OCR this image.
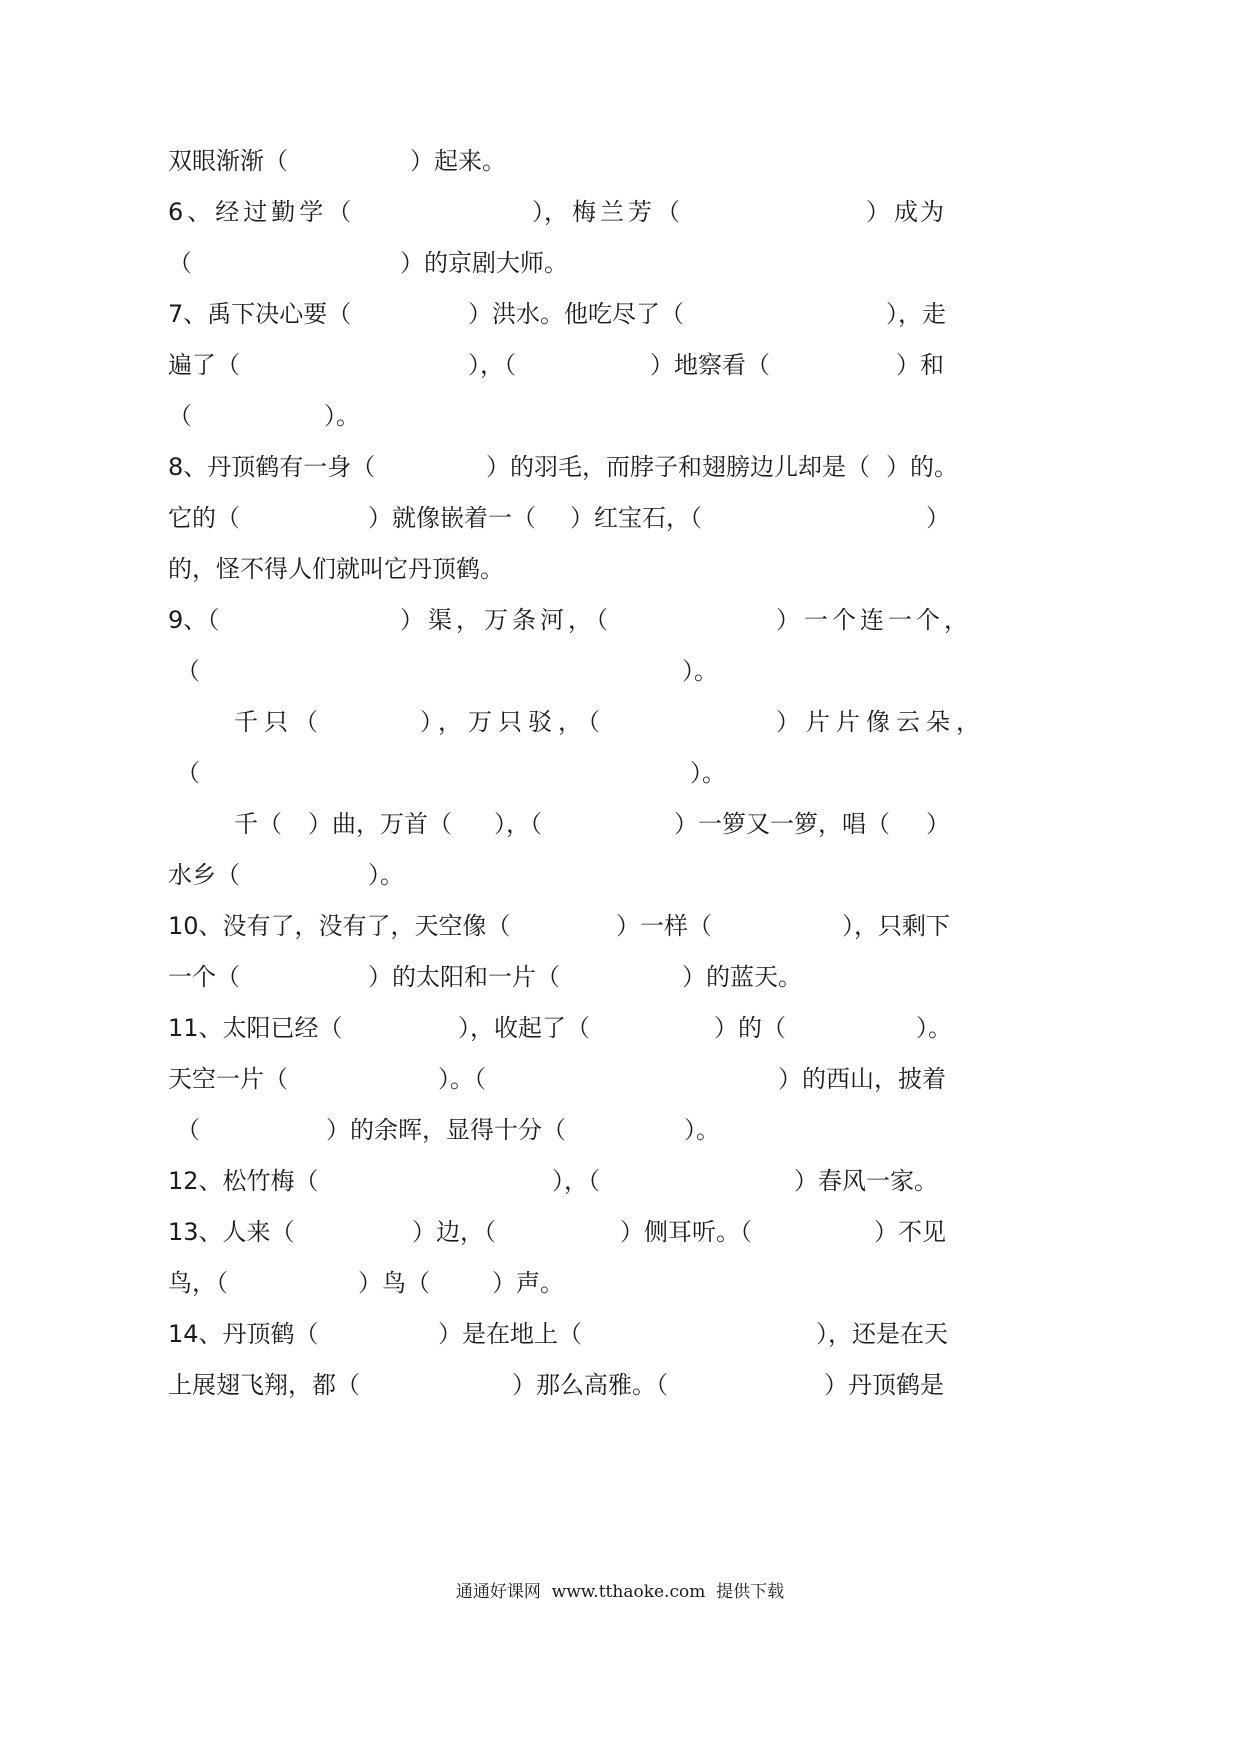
双眼渐渐（

	）起来。

6、经过勤学（

	），

梅兰芳（

	）

成为

（

	）的京剧大师。

7、禹下决心要（

	）洪水。他吃尽了（

	），走

遍了（

	），（

	）地察看（

	）和

（

	）。

8、丹顶鹤有一身（

	）的羽毛，而脖子和翅膀边儿却是（

）的。

它的（

	）就像嵌着一（

）红宝石，（

	）

的，怪不得人们就叫它丹顶鹤。

9、（

	）渠，万条河，（

	）一个连一个，

（

	）。

千只（

	），万只驳，（

	）片片像云朵，

（

	）。

千（

）曲，万首（

），（

	）一箩又一箩，唱（

）

水乡（

	）。

10、没有了，没有了，天空像（

	）一样（

	），只剩下

一个（

	）的太阳和一片（

	）的蓝天。

11、太阳已经（

	），收起了（

	）的（

	）。

天空一片（

	）。（

	）的西山，披着

（

	）的余晖，显得十分（

	）。

12、松竹梅（

	），（

	）春风一家。

13、人来（

	）边，（

	）侧耳听。（

	）不见

鸟，（

	）鸟（

	）声。

14、丹顶鹤（

	）是在地上（

	），还是在天

上展翅飞翔，都（

	）那么高雅。（

	）丹顶鹤是

通通好课网  www.tthaoke.com  提供下载
